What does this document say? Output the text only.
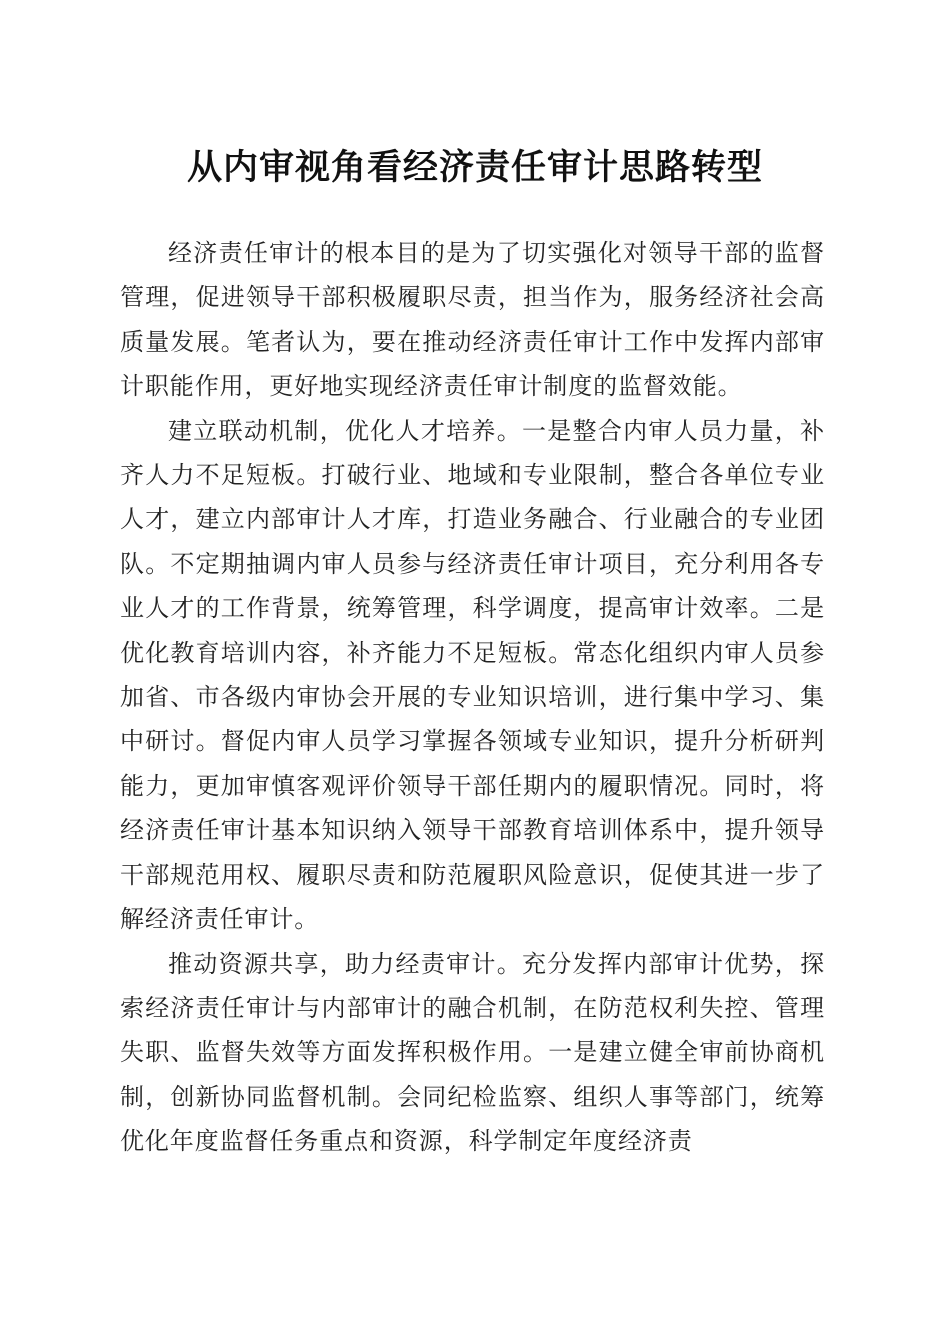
从内审视角看经济责任审计思路转型

经济责任审计的根本目的是为了切实强化对领导干部的监督管理，促进领导干部积极履职尽责，担当作为，服务经济社会高质量发展。笔者认为，要在推动经济责任审计工作中发挥内部审计职能作用，更好地实现经济责任审计制度的监督效能。

建立联动机制，优化人才培养。一是整合内审人员力量，补齐人力不足短板。打破行业、地域和专业限制，整合各单位专业人才，建立内部审计人才库，打造业务融合、行业融合的专业团队。不定期抽调内审人员参与经济责任审计项目，充分利用各专业人才的工作背景，统筹管理，科学调度，提高审计效率。二是优化教育培训内容，补齐能力不足短板。常态化组织内审人员参加省、市各级内审协会开展的专业知识培训，进行集中学习、集中研讨。督促内审人员学习掌握各领域专业知识，提升分析研判能力，更加审慎客观评价领导干部任期内的履职情况。同时，将经济责任审计基本知识纳入领导干部教育培训体系中，提升领导干部规范用权、履职尽责和防范履职风险意识，促使其进一步了解经济责任审计。

推动资源共享，助力经责审计。充分发挥内部审计优势，探索经济责任审计与内部审计的融合机制，在防范权利失控、管理失职、监督失效等方面发挥积极作用。一是建立健全审前协商机制，创新协同监督机制。会同纪检监察、组织人事等部门，统筹优化年度监督任务重点和资源，科学制定年度经济责
